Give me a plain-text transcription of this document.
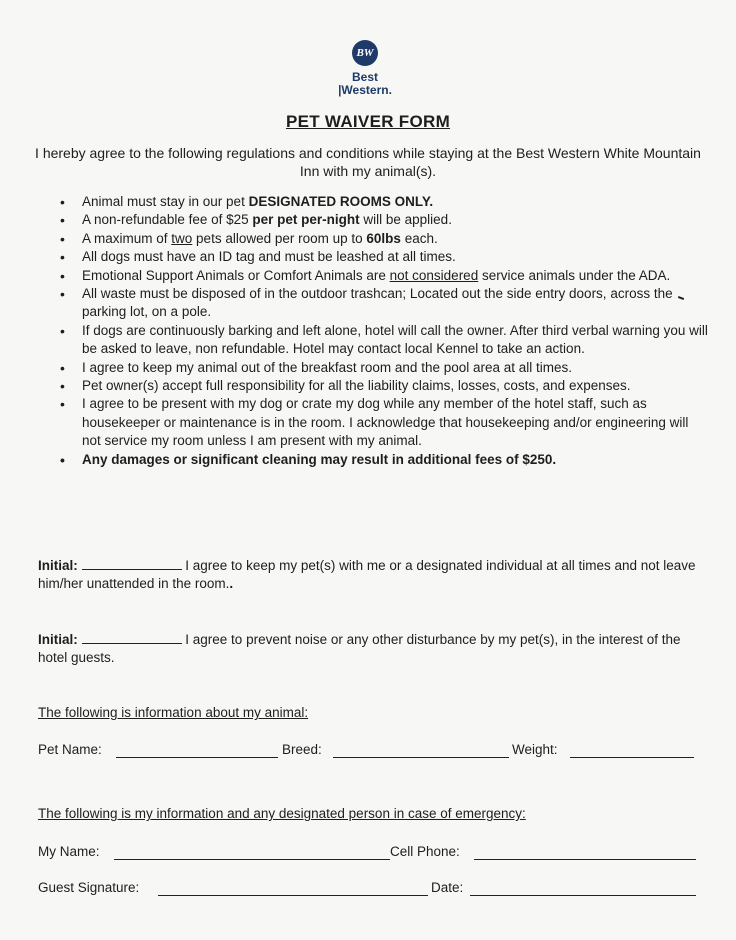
BW
Best
|Western.
PET WAIVER FORM
I hereby agree to the following regulations and conditions while staying at the Best Western White Mountain Inn with my animal(s).
• Animal must stay in our pet DESIGNATED ROOMS ONLY.
• A non-refundable fee of $25 per pet per-night will be applied.
• A maximum of two pets allowed per room up to 60lbs each.
• All dogs must have an ID tag and must be leashed at all times.
• Emotional Support Animals or Comfort Animals are not considered service animals under the ADA.
• All waste must be disposed of in the outdoor trashcan; Located out the side entry doors, across the parking lot, on a pole.
• If dogs are continuously barking and left alone, hotel will call the owner. After third verbal warning you will be asked to leave, non refundable. Hotel may contact local Kennel to take an action.
• I agree to keep my animal out of the breakfast room and the pool area at all times.
• Pet owner(s) accept full responsibility for all the liability claims, losses, costs, and expenses.
• I agree to be present with my dog or crate my dog while any member of the hotel staff, such as housekeeper or maintenance is in the room. I acknowledge that housekeeping and/or engineering will not service my room unless I am present with my animal.
• Any damages or significant cleaning may result in additional fees of $250.
Initial:	I agree to keep my pet(s) with me or a designated individual at all times and not leave him/her unattended in the room..
Initial:	I agree to prevent noise or any other disturbance by my pet(s), in the interest of the hotel guests.
The following is information about my animal:
Pet Name:	Breed:	Weight:
The following is my information and any designated person in case of emergency:
My Name:	Cell Phone:
Guest Signature:	Date:
